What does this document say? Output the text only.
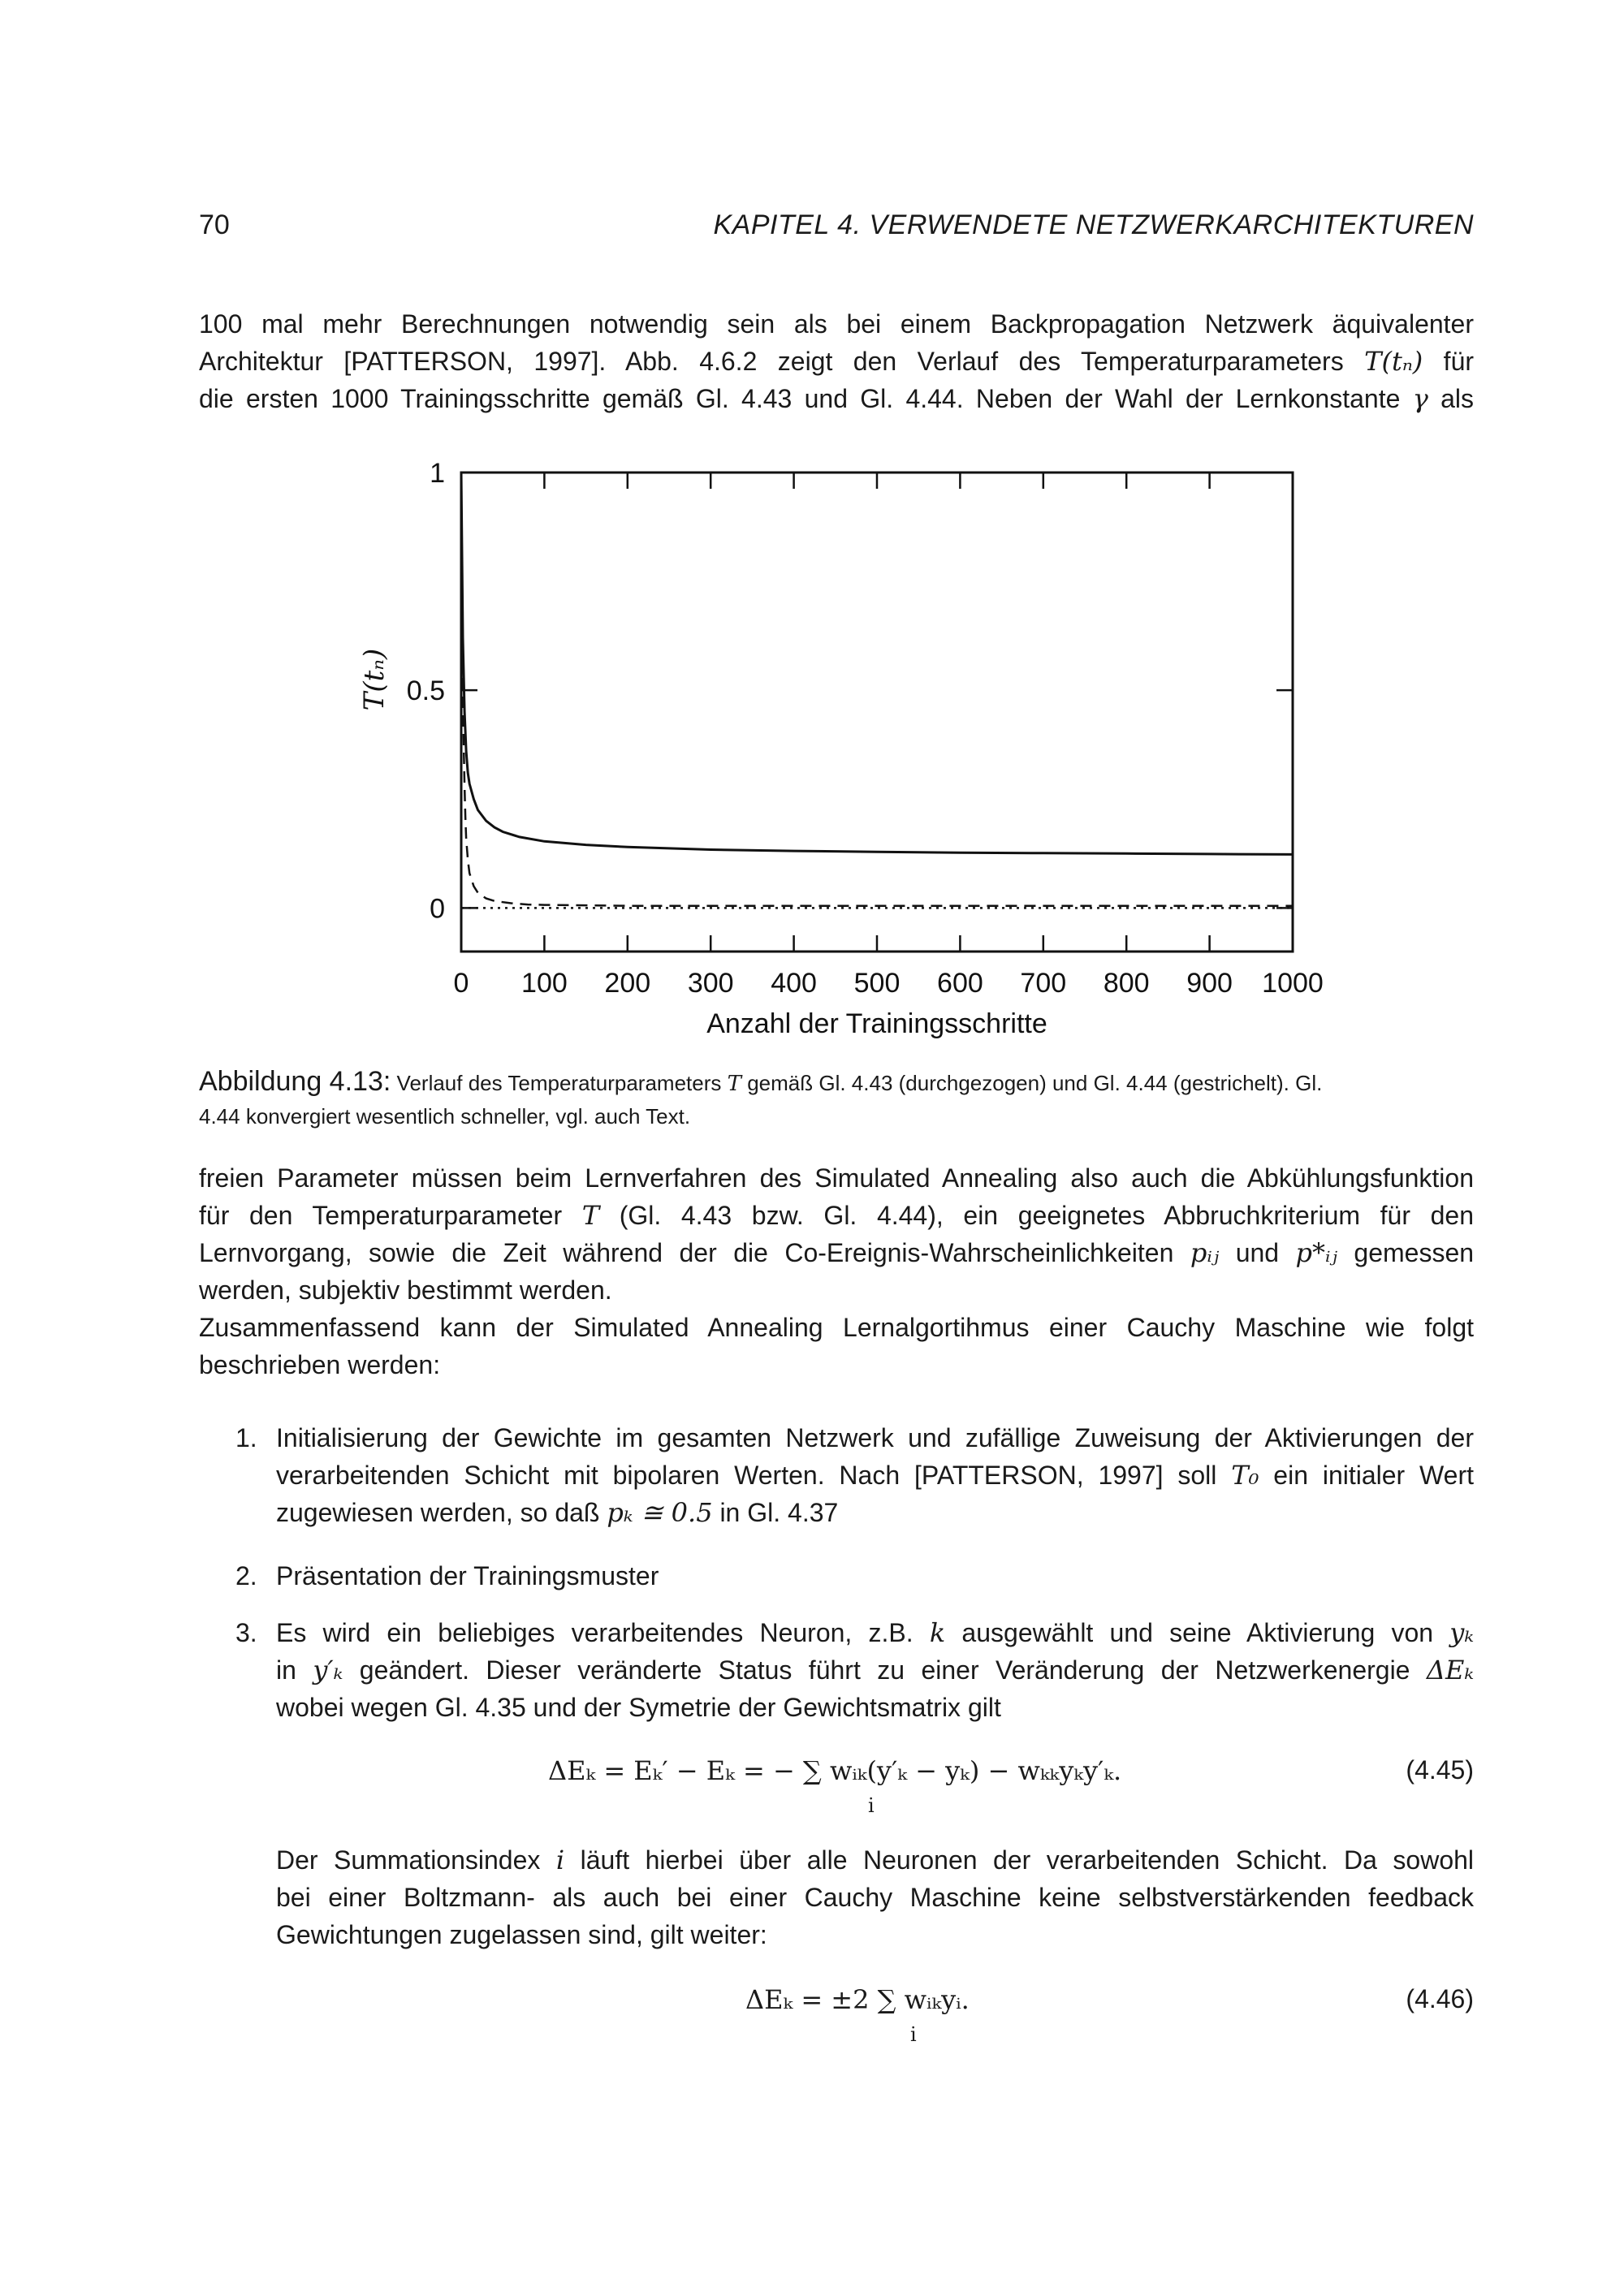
70	KAPITEL 4. VERWENDETE NETZWERKARCHITEKTUREN
100 mal mehr Berechnungen notwendig sein als bei einem Backpropagation Netzwerk äquivalenter
Architektur [PATTERSON, 1997]. Abb. 4.6.2 zeigt den Verlauf des Temperaturparameters T(tₙ) für
die ersten 1000 Trainingsschritte gemäß Gl. 4.43 und Gl. 4.44. Neben der Wahl der Lernkonstante γ als
0 100 200 300 400 500 600 700 800 900 1000
1
0.5
0
Anzahl der Trainingsschritte
T(tₙ)
Abbildung 4.13: Verlauf des Temperaturparameters T gemäß Gl. 4.43 (durchgezogen) und Gl. 4.44 (gestrichelt). Gl.
4.44 konvergiert wesentlich schneller, vgl. auch Text.
freien Parameter müssen beim Lernverfahren des Simulated Annealing also auch die Abkühlungsfunktion
für den Temperaturparameter T (Gl. 4.43 bzw. Gl. 4.44), ein geeignetes Abbruchkriterium für den
Lernvorgang, sowie die Zeit während der die Co-Ereignis-Wahrscheinlichkeiten pᵢⱼ und p*ᵢⱼ gemessen
werden, subjektiv bestimmt werden.
Zusammenfassend kann der Simulated Annealing Lernalgortihmus einer Cauchy Maschine wie folgt
beschrieben werden:
1. Initialisierung der Gewichte im gesamten Netzwerk und zufällige Zuweisung der Aktivierungen der
verarbeitenden Schicht mit bipolaren Werten. Nach [PATTERSON, 1997] soll T₀ ein initialer Wert
zugewiesen werden, so daß pₖ ≅ 0.5 in Gl. 4.37
2. Präsentation der Trainingsmuster
3. Es wird ein beliebiges verarbeitendes Neuron, z.B. k ausgewählt und seine Aktivierung von yₖ
in y′ₖ geändert. Dieser veränderte Status führt zu einer Veränderung der Netzwerkenergie ΔEₖ
wobei wegen Gl. 4.35 und der Symetrie der Gewichtsmatrix gilt
ΔEₖ = Eₖ′ − Eₖ = − ∑ wᵢₖ(y′ₖ − yₖ) − wₖₖyₖy′ₖ.
i
(4.45)
Der Summationsindex i läuft hierbei über alle Neuronen der verarbeitenden Schicht. Da sowohl
bei einer Boltzmann- als auch bei einer Cauchy Maschine keine selbstverstärkenden feedback
Gewichtungen zugelassen sind, gilt weiter:
ΔEₖ = ±2 ∑ wᵢₖyᵢ.
i
(4.46)
